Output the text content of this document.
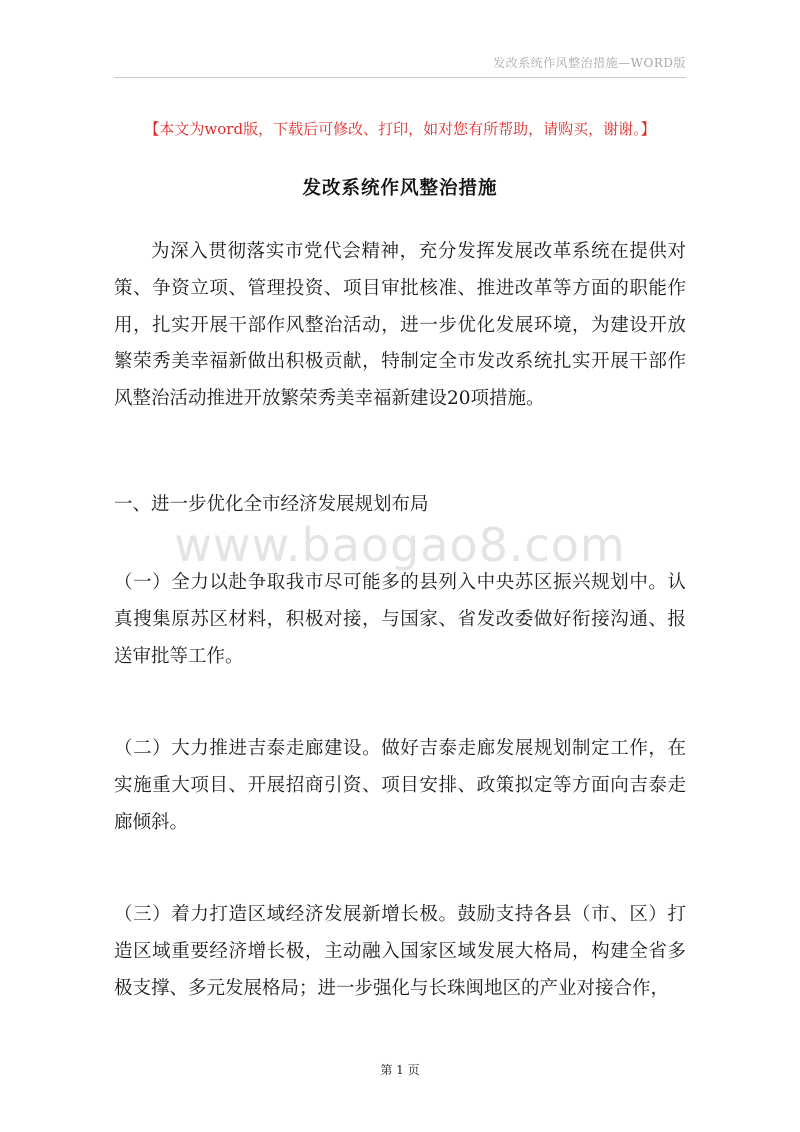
发改系统作风整治措施—WORD版
【本文为word版，下载后可修改、打印，如对您有所帮助，请购买，谢谢。】
发改系统作风整治措施

为深入贯彻落实市党代会精神，充分发挥发展改革系统在提供对策、争资立项、管理投资、项目审批核准、推进改革等方面的职能作用，扎实开展干部作风整治活动，进一步优化发展环境，为建设开放繁荣秀美幸福新做出积极贡献，特制定全市发改系统扎实开展干部作风整治活动推进开放繁荣秀美幸福新建设20项措施。

一、进一步优化全市经济发展规划布局

www.baogao8.com

（一）全力以赴争取我市尽可能多的县列入中央苏区振兴规划中。认真搜集原苏区材料，积极对接，与国家、省发改委做好衔接沟通、报送审批等工作。

（二）大力推进吉泰走廊建设。做好吉泰走廊发展规划制定工作，在实施重大项目、开展招商引资、项目安排、政策拟定等方面向吉泰走廊倾斜。

（三）着力打造区域经济发展新增长极。鼓励支持各县（市、区）打造区域重要经济增长极，主动融入国家区域发展大格局，构建全省多极支撑、多元发展格局；进一步强化与长珠闽地区的产业对接合作，

第 1 页
